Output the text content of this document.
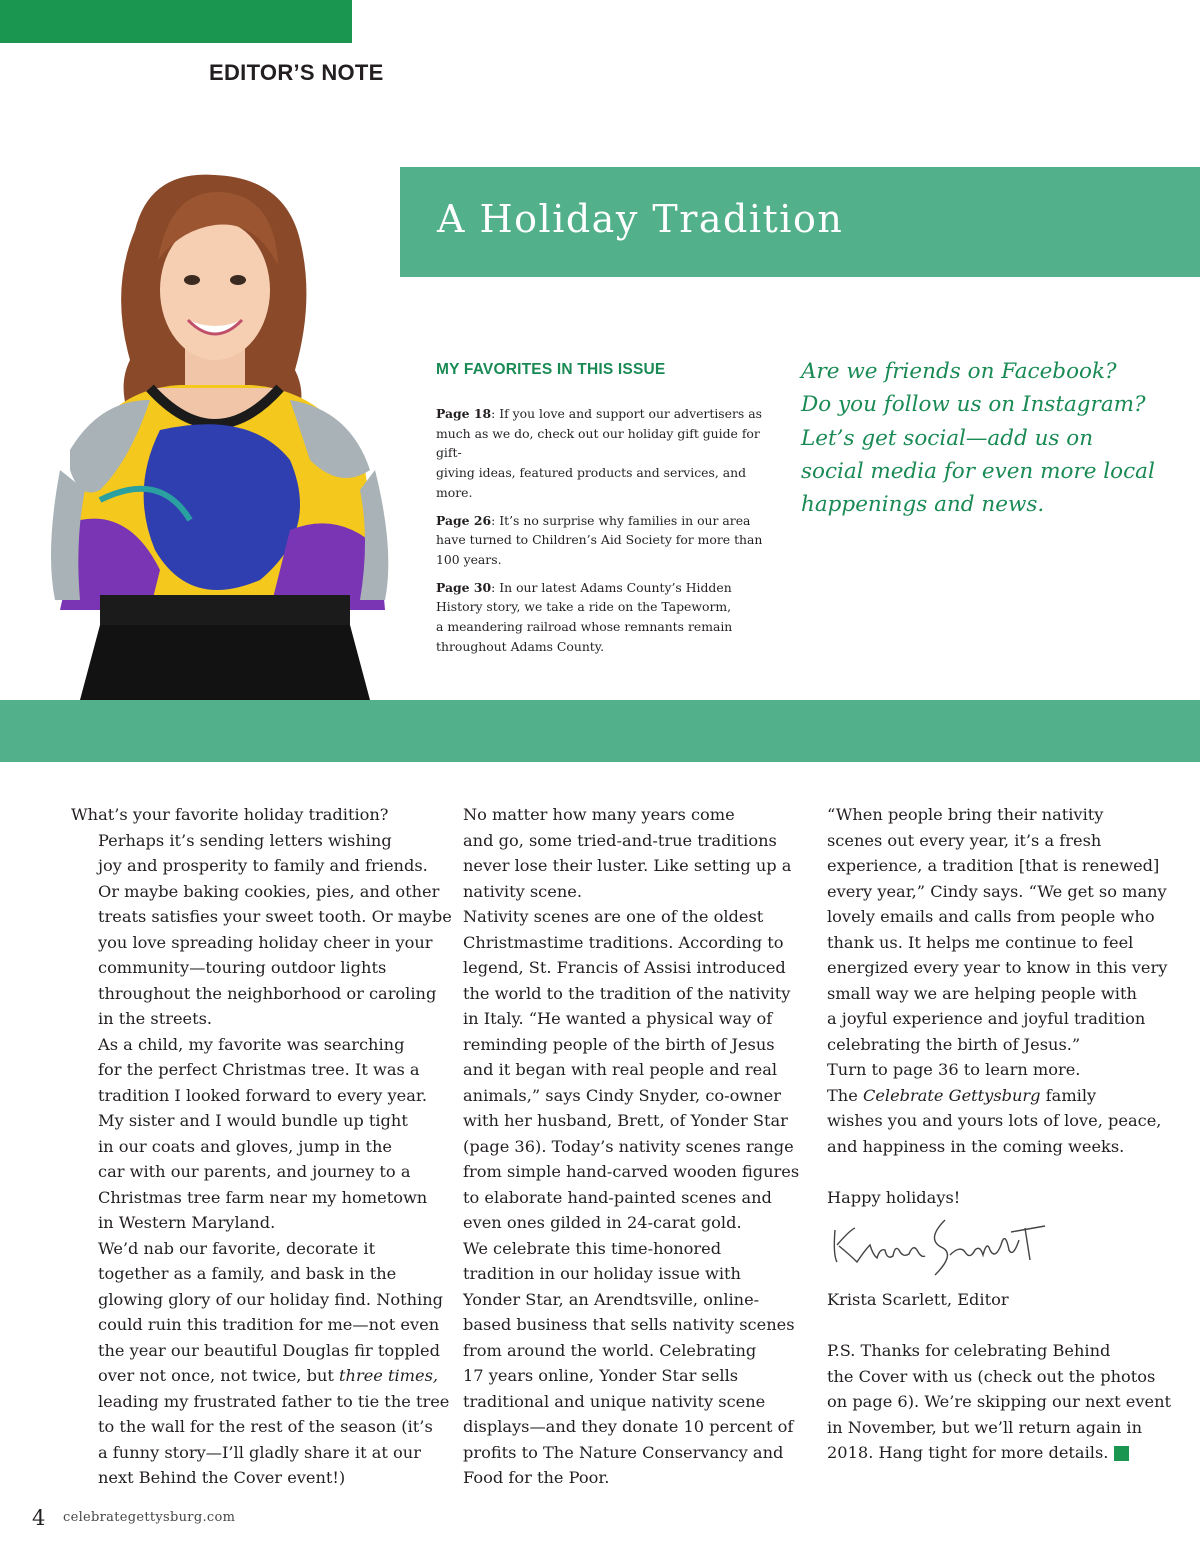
EDITOR’S NOTE
A Holiday Tradition
MY FAVORITES IN THIS ISSUE
Page 18: If you love and support our advertisers as
much as we do, check out our holiday gift guide for gift-
giving ideas, featured products and services, and more.
Page 26: It’s no surprise why families in our area
have turned to Children’s Aid Society for more than
100 years.
Page 30: In our latest Adams County’s Hidden
History story, we take a ride on the Tapeworm,
a meandering railroad whose remnants remain
throughout Adams County.
Are we friends on Facebook?
Do you follow us on Instagram?
Let’s get social—add us on
social media for even more local
happenings and news.

What’s your favorite holiday tradition?

Perhaps it’s sending letters wishing
joy and prosperity to family and friends.
Or maybe baking cookies, pies, and other
treats satisfies your sweet tooth. Or maybe
you love spreading holiday cheer in your
community—touring outdoor lights
throughout the neighborhood or caroling
in the streets.

As a child, my favorite was searching
for the perfect Christmas tree. It was a
tradition I looked forward to every year.
My sister and I would bundle up tight
in our coats and gloves, jump in the
car with our parents, and journey to a
Christmas tree farm near my hometown
in Western Maryland.

We’d nab our favorite, decorate it
together as a family, and bask in the
glowing glory of our holiday find. Nothing
could ruin this tradition for me—not even
the year our beautiful Douglas fir toppled
over not once, not twice, but three times,
leading my frustrated father to tie the tree
to the wall for the rest of the season (it’s
a funny story—I’ll gladly share it at our
next Behind the Cover event!)

No matter how many years come
and go, some tried-and-true traditions
never lose their luster. Like setting up a
nativity scene.

Nativity scenes are one of the oldest
Christmastime traditions. According to
legend, St. Francis of Assisi introduced
the world to the tradition of the nativity
in Italy. “He wanted a physical way of
reminding people of the birth of Jesus
and it began with real people and real
animals,” says Cindy Snyder, co-owner
with her husband, Brett, of Yonder Star
(page 36). Today’s nativity scenes range
from simple hand-carved wooden figures
to elaborate hand-painted scenes and
even ones gilded in 24-carat gold.

We celebrate this time-honored
tradition in our holiday issue with
Yonder Star, an Arendtsville, online-
based business that sells nativity scenes
from around the world. Celebrating
17 years online, Yonder Star sells
traditional and unique nativity scene
displays—and they donate 10 percent of
profits to The Nature Conservancy and
Food for the Poor.

“When people bring their nativity
scenes out every year, it’s a fresh
experience, a tradition [that is renewed]
every year,” Cindy says. “We get so many
lovely emails and calls from people who
thank us. It helps me continue to feel
energized every year to know in this very
small way we are helping people with
a joyful experience and joyful tradition
celebrating the birth of Jesus.”

Turn to page 36 to learn more.

The Celebrate Gettysburg family
wishes you and yours lots of love, peace,
and happiness in the coming weeks.

Happy holidays!

Krista Scarlett, Editor

P.S. Thanks for celebrating Behind
the Cover with us (check out the photos
on page 6). We’re skipping our next event
in November, but we’ll return again in
2018. Hang tight for more details.	g

4 celebrategettysburg.com
